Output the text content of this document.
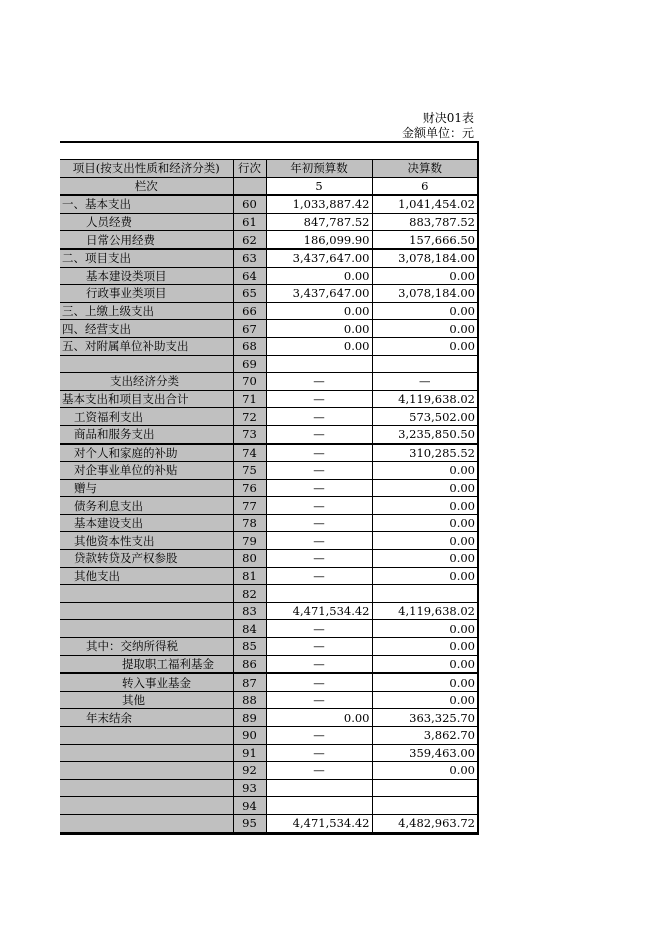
财决01表
金额单位：元
项目(按支出性质和经济分类)	行次	年初预算数	决算数
栏次		5	6
一、基本支出	60	1,033,887.42	1,041,454.02
人员经费	61	847,787.52	883,787.52
日常公用经费	62	186,099.90	157,666.50
二、项目支出	63	3,437,647.00	3,078,184.00
基本建设类项目	64	0.00	0.00
行政事业类项目	65	3,437,647.00	3,078,184.00
三、上缴上级支出	66	0.00	0.00
四、经营支出	67	0.00	0.00
五、对附属单位补助支出	68	0.00	0.00
	69		
支出经济分类	70	—	—
基本支出和项目支出合计	71	—	4,119,638.02
工资福利支出	72	—	573,502.00
商品和服务支出	73	—	3,235,850.50
对个人和家庭的补助	74	—	310,285.52
对企事业单位的补贴	75	—	0.00
赠与	76	—	0.00
债务利息支出	77	—	0.00
基本建设支出	78	—	0.00
其他资本性支出	79	—	0.00
贷款转贷及产权参股	80	—	0.00
其他支出	81	—	0.00
	82		
	83	4,471,534.42	4,119,638.02
	84	—	0.00
其中：交纳所得税	85	—	0.00
提取职工福利基金	86	—	0.00
转入事业基金	87	—	0.00
其他	88	—	0.00
年末结余	89	0.00	363,325.70
	90	—	3,862.70
	91	—	359,463.00
	92	—	0.00
	93		
	94		
	95	4,471,534.42	4,482,963.72
